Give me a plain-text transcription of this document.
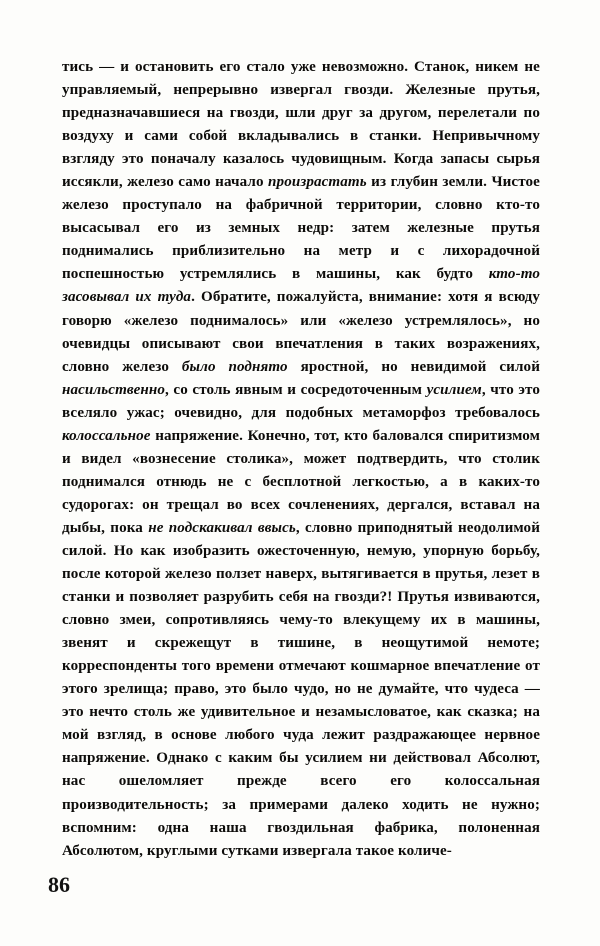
тись — и остановить его стало уже невозможно. Станок, никем не управляемый, непрерывно извергал гвозди. Железные прутья, предназначавшиеся на гвозди, шли друг за другом, перелетали по воздуху и сами собой вкладывались в станки. Непривычному взгляду это поначалу казалось чудовищным. Когда запасы сырья иссякли, железо само начало произрастать из глубин земли. Чистое железо проступало на фабричной территории, словно кто-то высасывал его из земных недр: затем железные прутья поднимались приблизительно на метр и с лихорадочной поспешностью устремлялись в машины, как будто кто-то засовывал их туда. Обратите, пожалуйста, внимание: хотя я всюду говорю «железо поднималось» или «железо устремлялось», но очевидцы описывают свои впечатления в таких возражениях, словно железо было поднято яростной, но невидимой силой насильственно, со столь явным и сосредоточенным усилием, что это вселяло ужас; очевидно, для подобных метаморфоз требовалось колоссальное напряжение. Конечно, тот, кто баловался спиритизмом и видел «вознесение столика», может подтвердить, что столик поднимался отнюдь не с бесплотной легкостью, а в каких-то судорогах: он трещал во всех сочленениях, дергался, вставал на дыбы, пока не подскакивал ввысь, словно приподнятый неодолимой силой. Но как изобразить ожесточенную, немую, упорную борьбу, после которой железо ползет наверх, вытягивается в прутья, лезет в станки и позволяет разрубить себя на гвозди?! Прутья извиваются, словно змеи, сопротивляясь чему-то влекущему их в машины, звенят и скрежещут в тишине, в неощутимой немоте; корреспонденты того времени отмечают кошмарное впечатление от этого зрелища; право, это было чудо, но не думайте, что чудеса — это нечто столь же удивительное и незамысловатое, как сказка; на мой взгляд, в основе любого чуда лежит раздражающее нервное напряжение. Однако с каким бы усилием ни действовал Абсолют, нас ошеломляет прежде всего его колоссальная производительность; за примерами далеко ходить не нужно; вспомним: одна наша гвоздильная фабрика, полоненная Абсолютом, круглыми сутками извергала такое количе-

86
